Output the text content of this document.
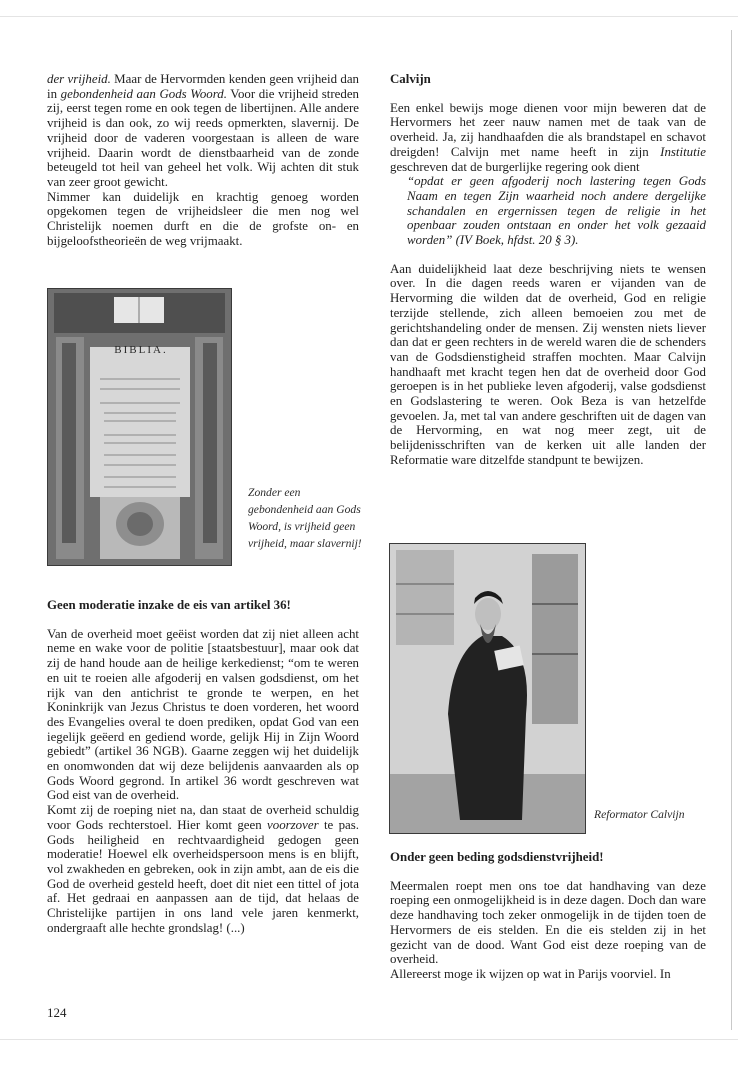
der vrijheid. Maar de Hervormden kenden geen vrijheid dan in gebondenheid aan Gods Woord. Voor die vrijheid streden zij, eerst tegen rome en ook tegen de libertijnen. Alle andere vrijheid is dan ook, zo wij reeds opmerkten, slavernij. De vrijheid door de vaderen voorgestaan is alleen de ware vrijheid. Daarin wordt de dienstbaarheid van de zonde beteugeld tot heil van geheel het volk. Wij achten dit stuk van zeer groot gewicht.

Nimmer kan duidelijk en krachtig genoeg worden opgekomen tegen de vrijheidsleer die men nog wel Christelijk noemen durft en die de grofste on- en bijgeloofstheorieën de weg vrijmaakt.

BIBLIA.
Zonder een gebondenheid aan Gods Woord, is vrijheid geen vrijheid, maar slavernij!
Geen moderatie inzake de eis van artikel 36!

Van de overheid moet geëist worden dat zij niet alleen acht neme en wake voor de politie [staatsbestuur], maar ook dat zij de hand houde aan de heilige kerkedienst; “om te weren en uit te roeien alle afgoderij en valsen godsdienst, om het rijk van den antichrist te gronde te werpen, en het Koninkrijk van Jezus Christus te doen vorderen, het woord des Evangelies overal te doen prediken, opdat God van een iegelijk geëerd en gediend worde, gelijk Hij in Zijn Woord gebiedt” (artikel 36 NGB). Gaarne zeggen wij het duidelijk en onomwonden dat wij deze belijdenis aanvaarden als op Gods Woord gegrond. In artikel 36 wordt geschreven wat God eist van de overheid.

Komt zij de roeping niet na, dan staat de overheid schuldig voor Gods rechterstoel. Hier komt geen voorzover te pas. Gods heiligheid en rechtvaardigheid gedogen geen moderatie! Hoewel elk overheidspersoon mens is en blijft, vol zwakheden en gebreken, ook in zijn ambt, aan de eis die God de overheid gesteld heeft, doet dit niet een tittel of jota af. Het gedraai en aanpassen aan de tijd, dat helaas de Christelijke partijen in ons land vele jaren kenmerkt, ondergraaft alle hechte grondslag! (...)

124
Calvijn

Een enkel bewijs moge dienen voor mijn beweren dat de Hervormers het zeer nauw namen met de taak van de overheid. Ja, zij handhaafden die als brandstapel en schavot dreigden! Calvijn met name heeft in zijn Institutie geschreven dat de burgerlijke regering ook dient

“opdat er geen afgoderij noch lastering tegen Gods Naam en tegen Zijn waarheid noch andere dergelijke schandalen en ergernissen tegen de religie in het openbaar zouden ontstaan en onder het volk gezaaid worden” (IV Boek, hfdst. 20 § 3).

Aan duidelijkheid laat deze beschrijving niets te wensen over. In die dagen reeds waren er vijanden van de Hervorming die wilden dat de overheid, God en religie terzijde stellende, zich alleen bemoeien zou met de gerichtshandeling onder de mensen. Zij wensten niets liever dan dat er geen rechters in de wereld waren die de schenders van de Godsdienstigheid straffen mochten. Maar Calvijn handhaaft met kracht tegen hen dat de overheid door God geroepen is in het publieke leven afgoderij, valse godsdienst en Godslastering te weren. Ook Beza is van hetzelfde gevoelen. Ja, met tal van andere geschriften uit de dagen van de Hervorming, en wat nog meer zegt, uit de belijdenisschriften van de kerken uit alle landen der Reformatie ware ditzelfde standpunt te bewijzen.

Reformator Calvijn
Onder geen beding godsdienstvrijheid!

Meermalen roept men ons toe dat handhaving van deze roeping een onmogelijkheid is in deze dagen. Doch dan ware deze handhaving toch zeker onmogelijk in de tijden toen de Hervormers de eis stelden. En die eis stelden zij in het gezicht van de dood. Want God eist deze roeping van de overheid.

Allereerst moge ik wijzen op wat in Parijs voorviel. In
